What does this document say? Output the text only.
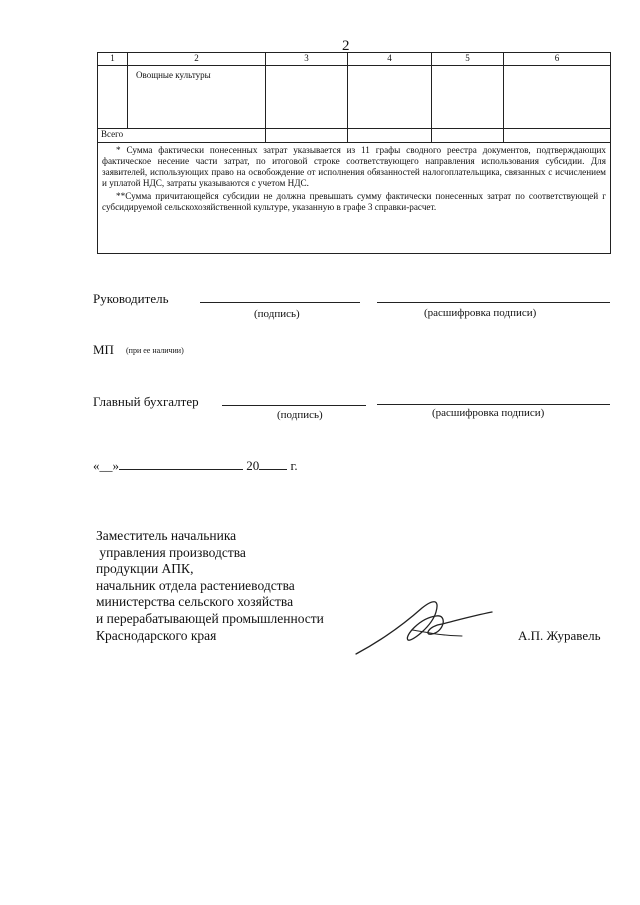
2
1	2	3	4	5	6
	Овощные культуры				
Всего					

* Сумма фактически понесенных затрат указывается из 11 графы сводного реестра документов, подтверждающих фактическое несение части затрат, по итоговой строке соответствующего направления использования субсидии. Для заявителей, использующих право на освобождение от исполнения обязанностей налогоплательщика, связанных с исчислением и уплатой НДС, затраты указываются с учетом НДС.

**Сумма причитающейся субсидии не должна превышать сумму фактически понесенных затрат по соответствующей г субсидируемой сельскохозяйственной культуре, указанную в графе 3 справки-расчет.					

Руководитель
(подпись)	(расшифровка подписи)
МП (при ее наличии)
Главный бухгалтер
(подпись)	(расшифровка подписи)
«__»	20 г.
Заместитель начальника
управления производства
продукции АПК,
начальник отдела растениеводства
министерства сельского хозяйства
и перерабатывающей промышленности
Краснодарского края	А.П. Журавель
